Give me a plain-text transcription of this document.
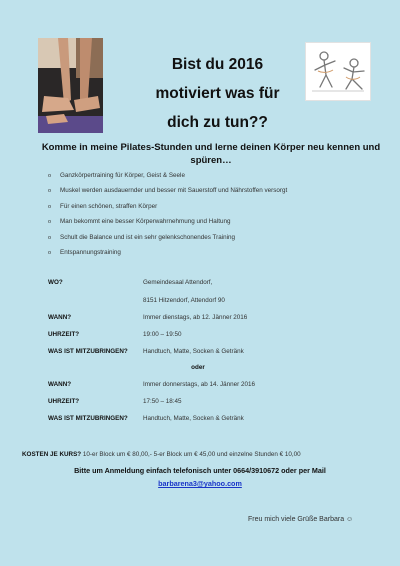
Bist du 2016
motiviert was für
dich zu tun??
Komme in meine Pilates-Stunden und lerne deinen Körper neu kennen und spüren…
o Ganzkörpertraining für Körper, Geist & Seele
o Muskel werden ausdauernder und besser mit Sauerstoff und Nährstoffen versorgt
o Für einen schönen, straffen Körper
o Man bekommt eine besser Körperwahrnehmung und Haltung
o Schult die Balance und ist ein sehr gelenkschonendes Training
o Entspannungstraining
WO?	Gemeindesaal Attendorf,
8151 Hitzendorf, Attendorf 90
WANN?	Immer dienstags, ab 12. Jänner 2016
UHRZEIT?	19:00 – 19:50
WAS IST MITZUBRINGEN? Handtuch, Matte, Socken & Getränk
oder
WANN?	Immer donnerstags, ab 14. Jänner 2016
UHRZEIT?	17:50 – 18:45
WAS IST MITZUBRINGEN? Handtuch, Matte, Socken & Getränk
KOSTEN JE KURS? 10-er Block um € 80,00,- 5-er Block um € 45,00 und einzelne Stunden € 10,00
Bitte um Anmeldung einfach telefonisch unter 0664/3910672 oder per Mail
barbarena3@yahoo.com
Freu mich viele Grüße Barbara ☺
